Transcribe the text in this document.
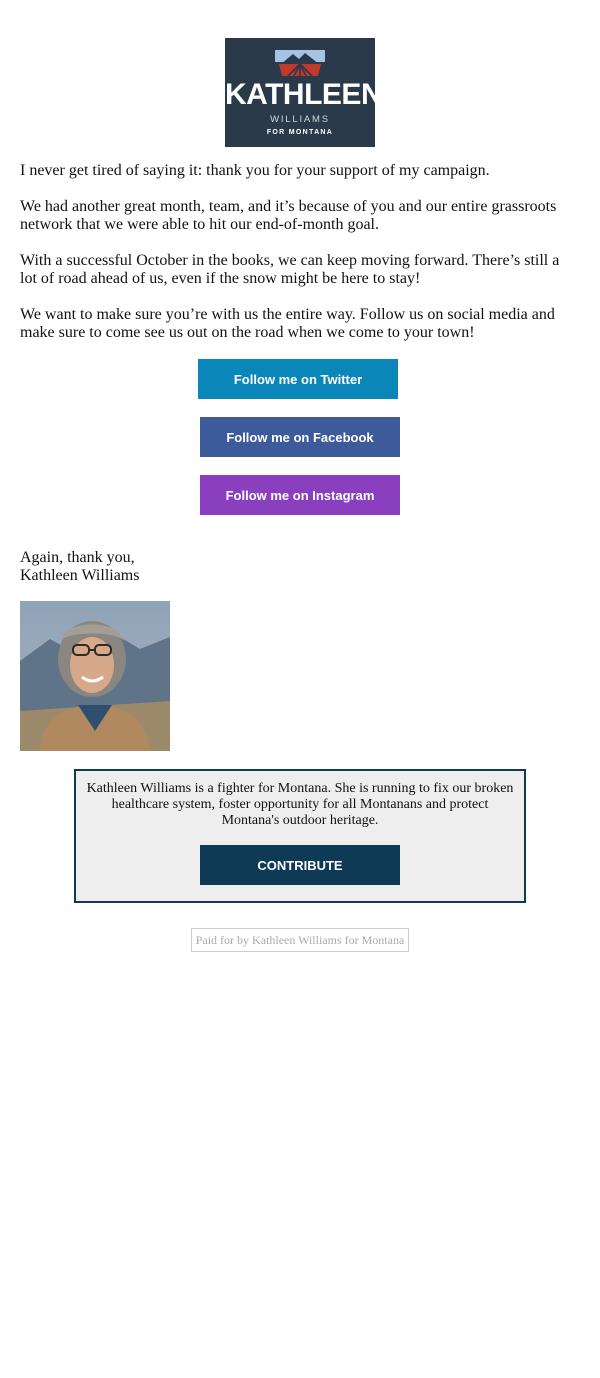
KATHLEEN
WILLIAMS
FOR MONTANA

I never get tired of saying it: thank you for your support of my campaign.

We had another great month, team, and it’s because of you and our entire grassroots network that we were able to hit our end-of-month goal.

With a successful October in the books, we can keep moving forward. There’s still a lot of road ahead of us, even if the snow might be here to stay!

We want to make sure you’re with us the entire way. Follow us on social media and make sure to come see us out on the road when we come to your town!

Follow me on Twitter
Follow me on Facebook
Follow me on Instagram
Again, thank you,
Kathleen Williams
Kathleen Williams is a fighter for Montana. She is running to fix our broken healthcare system, foster opportunity for all Montanans and protect Montana's outdoor heritage.
CONTRIBUTE
Paid for by Kathleen Williams for Montana
